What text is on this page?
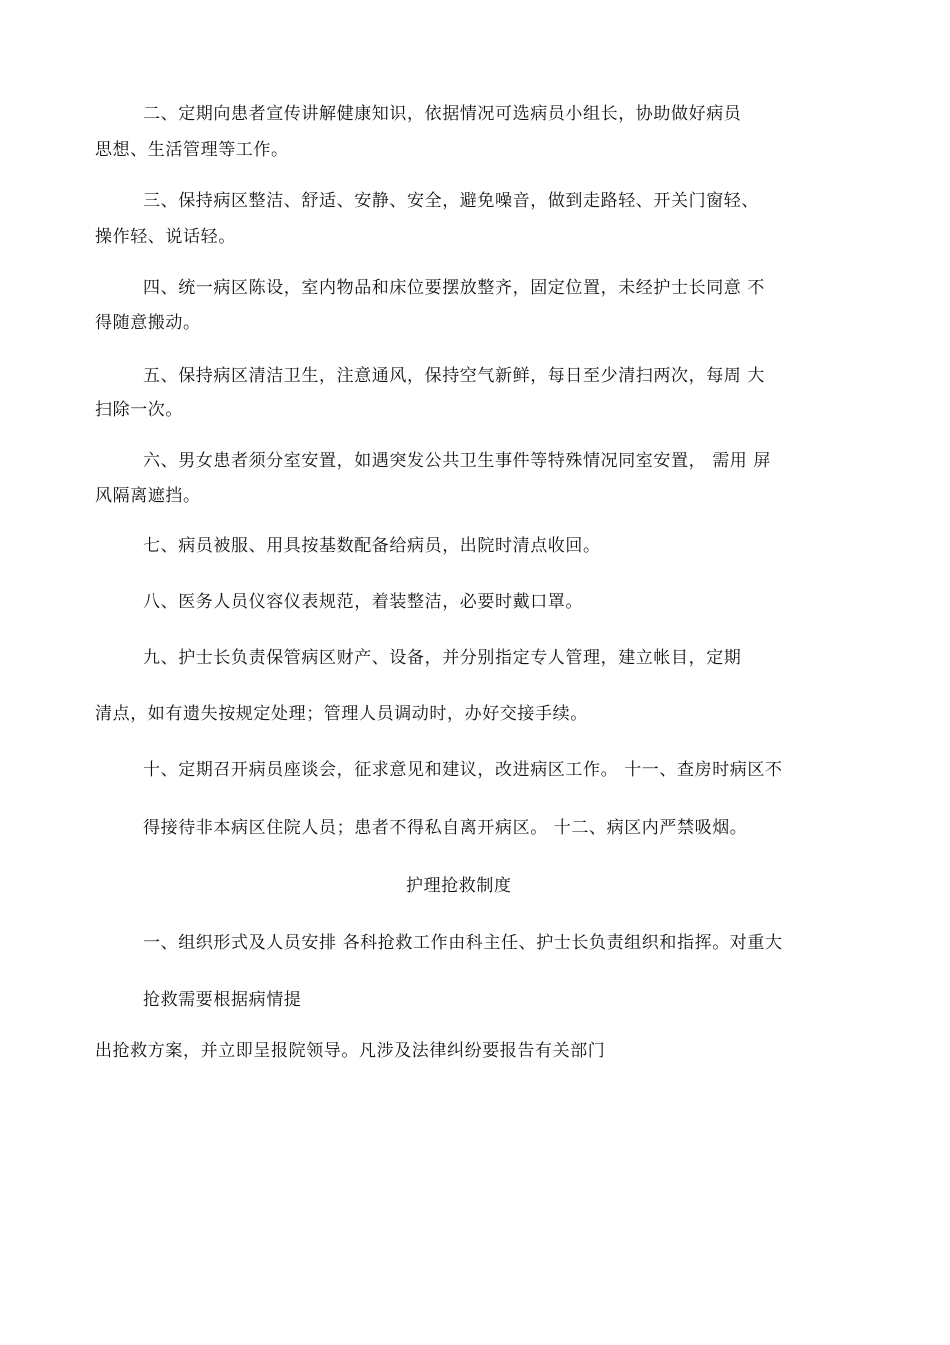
二、定期向患者宣传讲解健康知识，依据情况可选病员小组长，协助做好病员
思想、生活管理等工作。
三、保持病区整洁、舒适、安静、安全，避免噪音，做到走路轻、开关门窗轻、
操作轻、说话轻。
四、统一病区陈设，室内物品和床位要摆放整齐，固定位置，未经护士长同意 不
得随意搬动。
五、保持病区清洁卫生，注意通风，保持空气新鲜，每日至少清扫两次，每周 大
扫除一次。
六、男女患者须分室安置，如遇突发公共卫生事件等特殊情况同室安置， 需用 屏
风隔离遮挡。
七、病员被服、用具按基数配备给病员，出院时清点收回。
八、医务人员仪容仪表规范，着装整洁，必要时戴口罩。
九、护士长负责保管病区财产、设备，并分别指定专人管理，建立帐目，定期
清点，如有遗失按规定处理；管理人员调动时，办好交接手续。
十、定期召开病员座谈会，征求意见和建议，改进病区工作。 十一、查房时病区不
得接待非本病区住院人员；患者不得私自离开病区。 十二、病区内严禁吸烟。
护理抢救制度
一、组织形式及人员安排 各科抢救工作由科主任、护士长负责组织和指挥。对重大
抢救需要根据病情提
出抢救方案，并立即呈报院领导。凡涉及法律纠纷要报告有关部门
